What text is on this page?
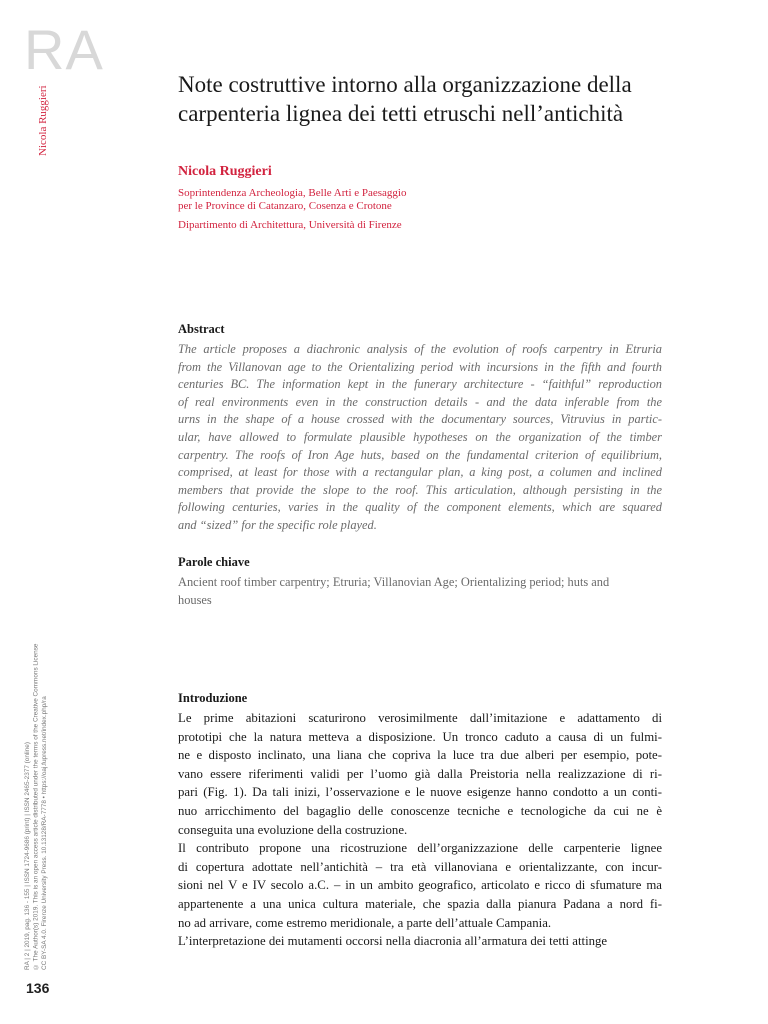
RA
Nicola Ruggieri
RA | 2 | 2019, pag. 136 - 155 | ISSN 1724-9686 (print) | ISSN 2465-2377 (online) © The Author(s) 2019. This is an open access article distributed under the terms of the Creative Commons License CC BY-SA 4.0. Firenze University Press. 10.13128/RA-7778 • https://oaj.fupress.net/index.php/ra
136
Note costruttive intorno alla organizzazione della carpenteria lignea dei tetti etruschi nell’antichità
Nicola Ruggieri
Soprintendenza Archeologia, Belle Arti e Paesaggio
per le Province di Catanzaro, Cosenza e Crotone
Dipartimento di Architettura, Università di Firenze
Abstract

The article proposes a diachronic analysis of the evolution of roofs carpentry in Etruria
from the Villanovan age to the Orientalizing period with incursions in the fifth and fourth
centuries BC. The information kept in the funerary architecture - “faithful” reproduction
of real environments even in the construction details - and the data inferable from the
urns in the shape of a house crossed with the documentary sources, Vitruvius in partic-
ular, have allowed to formulate plausible hypotheses on the organization of the timber
carpentry. The roofs of Iron Age huts, based on the fundamental criterion of equilibrium,
comprised, at least for those with a rectangular plan, a king post, a columen and inclined
members that provide the slope to the roof. This articulation, although persisting in the
following centuries, varies in the quality of the component elements, which are squared
and “sized” for the specific role played.

Parole chiave

Ancient roof timber carpentry; Etruria; Villanovian Age; Orientalizing period; huts and
houses

Introduzione

Le prime abitazioni scaturirono verosimilmente dall’imitazione e adattamento di
prototipi che la natura metteva a disposizione. Un tronco caduto a causa di un fulmi-
ne e disposto inclinato, una liana che copriva la luce tra due alberi per esempio, pote-
vano essere riferimenti validi per l’uomo già dalla Preistoria nella realizzazione di ri-
pari (Fig. 1). Da tali inizi, l’osservazione e le nuove esigenze hanno condotto a un conti-
nuo arricchimento del bagaglio delle conoscenze tecniche e tecnologiche da cui ne è
conseguita una evoluzione della costruzione.
Il contributo propone una ricostruzione dell’organizzazione delle carpenterie lignee
di copertura adottate nell’antichità – tra età villanoviana e orientalizzante, con incur-
sioni nel V e IV secolo a.C. – in un ambito geografico, articolato e ricco di sfumature ma
appartenente a una unica cultura materiale, che spazia dalla pianura Padana a nord fi-
no ad arrivare, come estremo meridionale, a parte dell’attuale Campania.
L’interpretazione dei mutamenti occorsi nella diacronia all’armatura dei tetti attinge
